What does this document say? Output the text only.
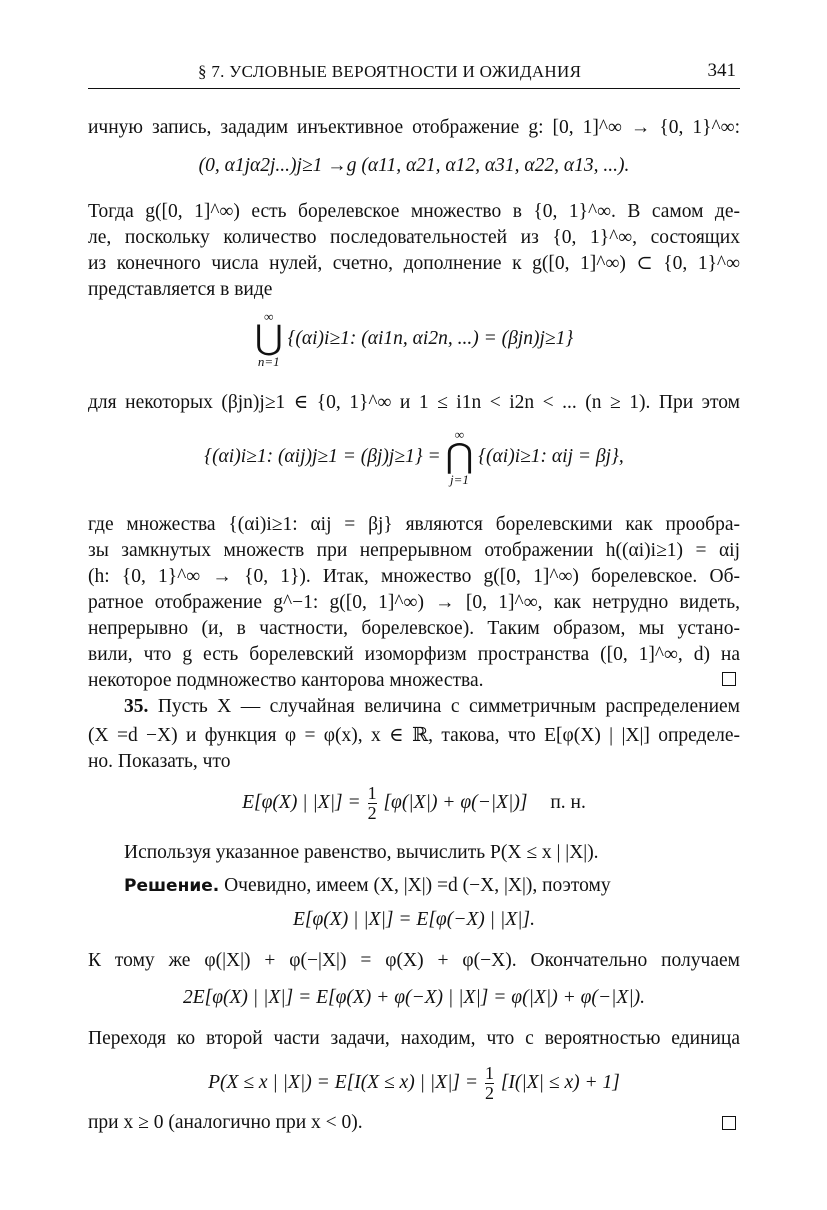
§ 7. УСЛОВНЫЕ ВЕРОЯТНОСТИ И ОЖИДАНИЯ	341
ичную запись, зададим инъективное отображение g: [0, 1]^∞ → {0, 1}^∞:
(0, α1jα2j...)j≥1 →g (α11, α21, α12, α31, α22, α13, ...).
Тогда g([0, 1]^∞) есть борелевское множество в {0, 1}^∞. В самом де-
ле, поскольку количество последовательностей из {0, 1}^∞, состоящих
из конечного числа нулей, счетно, дополнение к g([0, 1]^∞) ⊂ {0, 1}^∞
представляется в виде
∞
⋃
n=1
{(αi)i≥1: (αi1n, αi2n, ...) = (βjn)j≥1}
для некоторых (βjn)j≥1 ∈ {0, 1}^∞ и 1 ≤ i1n < i2n < ... (n ≥ 1). При этом
{(αi)i≥1: (αij)j≥1 = (βj)j≥1} =
∞
⋂
j=1
{(αi)i≥1: αij = βj},
где множества {(αi)i≥1: αij = βj} являются борелевскими как прообра-
зы замкнутых множеств при непрерывном отображении h((αi)i≥1) = αij
(h: {0, 1}^∞ → {0, 1}). Итак, множество g([0, 1]^∞) борелевское. Об-
ратное отображение g^−1: g([0, 1]^∞) → [0, 1]^∞, как нетрудно видеть,
непрерывно (и, в частности, борелевское). Таким образом, мы устано-
вили, что g есть борелевский изоморфизм пространства ([0, 1]^∞, d) на
некоторое подмножество канторова множества.
35. Пусть X — случайная величина с симметричным распределением
(X =d −X) и функция φ = φ(x), x ∈ ℝ, такова, что E[φ(X) | |X|] определе-
но. Показать, что
E[φ(X) | $|X|] = \frac{1}{2} [\varphi(|X|) + \varphi(-|X|)]$ п. н.
Используя указанное равенство, вычислить P(X ≤ x | |X|).
Решение. Очевидно, имеем (X, |X|) =d (−X, |X|), поэтому
E[φ(X) | |X|] = E[φ(−X) | |X|].
К тому же φ(|X|) + φ(−|X|) = φ(X) + φ(−X). Окончательно получаем
2E[φ(X) | |X|] = E[φ(X) + φ(−X) | |X|] = φ(|X|) + φ(−|X|).
Переходя ко второй части задачи, находим, что с вероятностью единица
P(X ≤ x | |X|) = E[I(X ≤ x) | $|X|] = \frac{1}{2} [I(|X| \le x) + 1]$
при x ≥ 0 (аналогично при x < 0).
